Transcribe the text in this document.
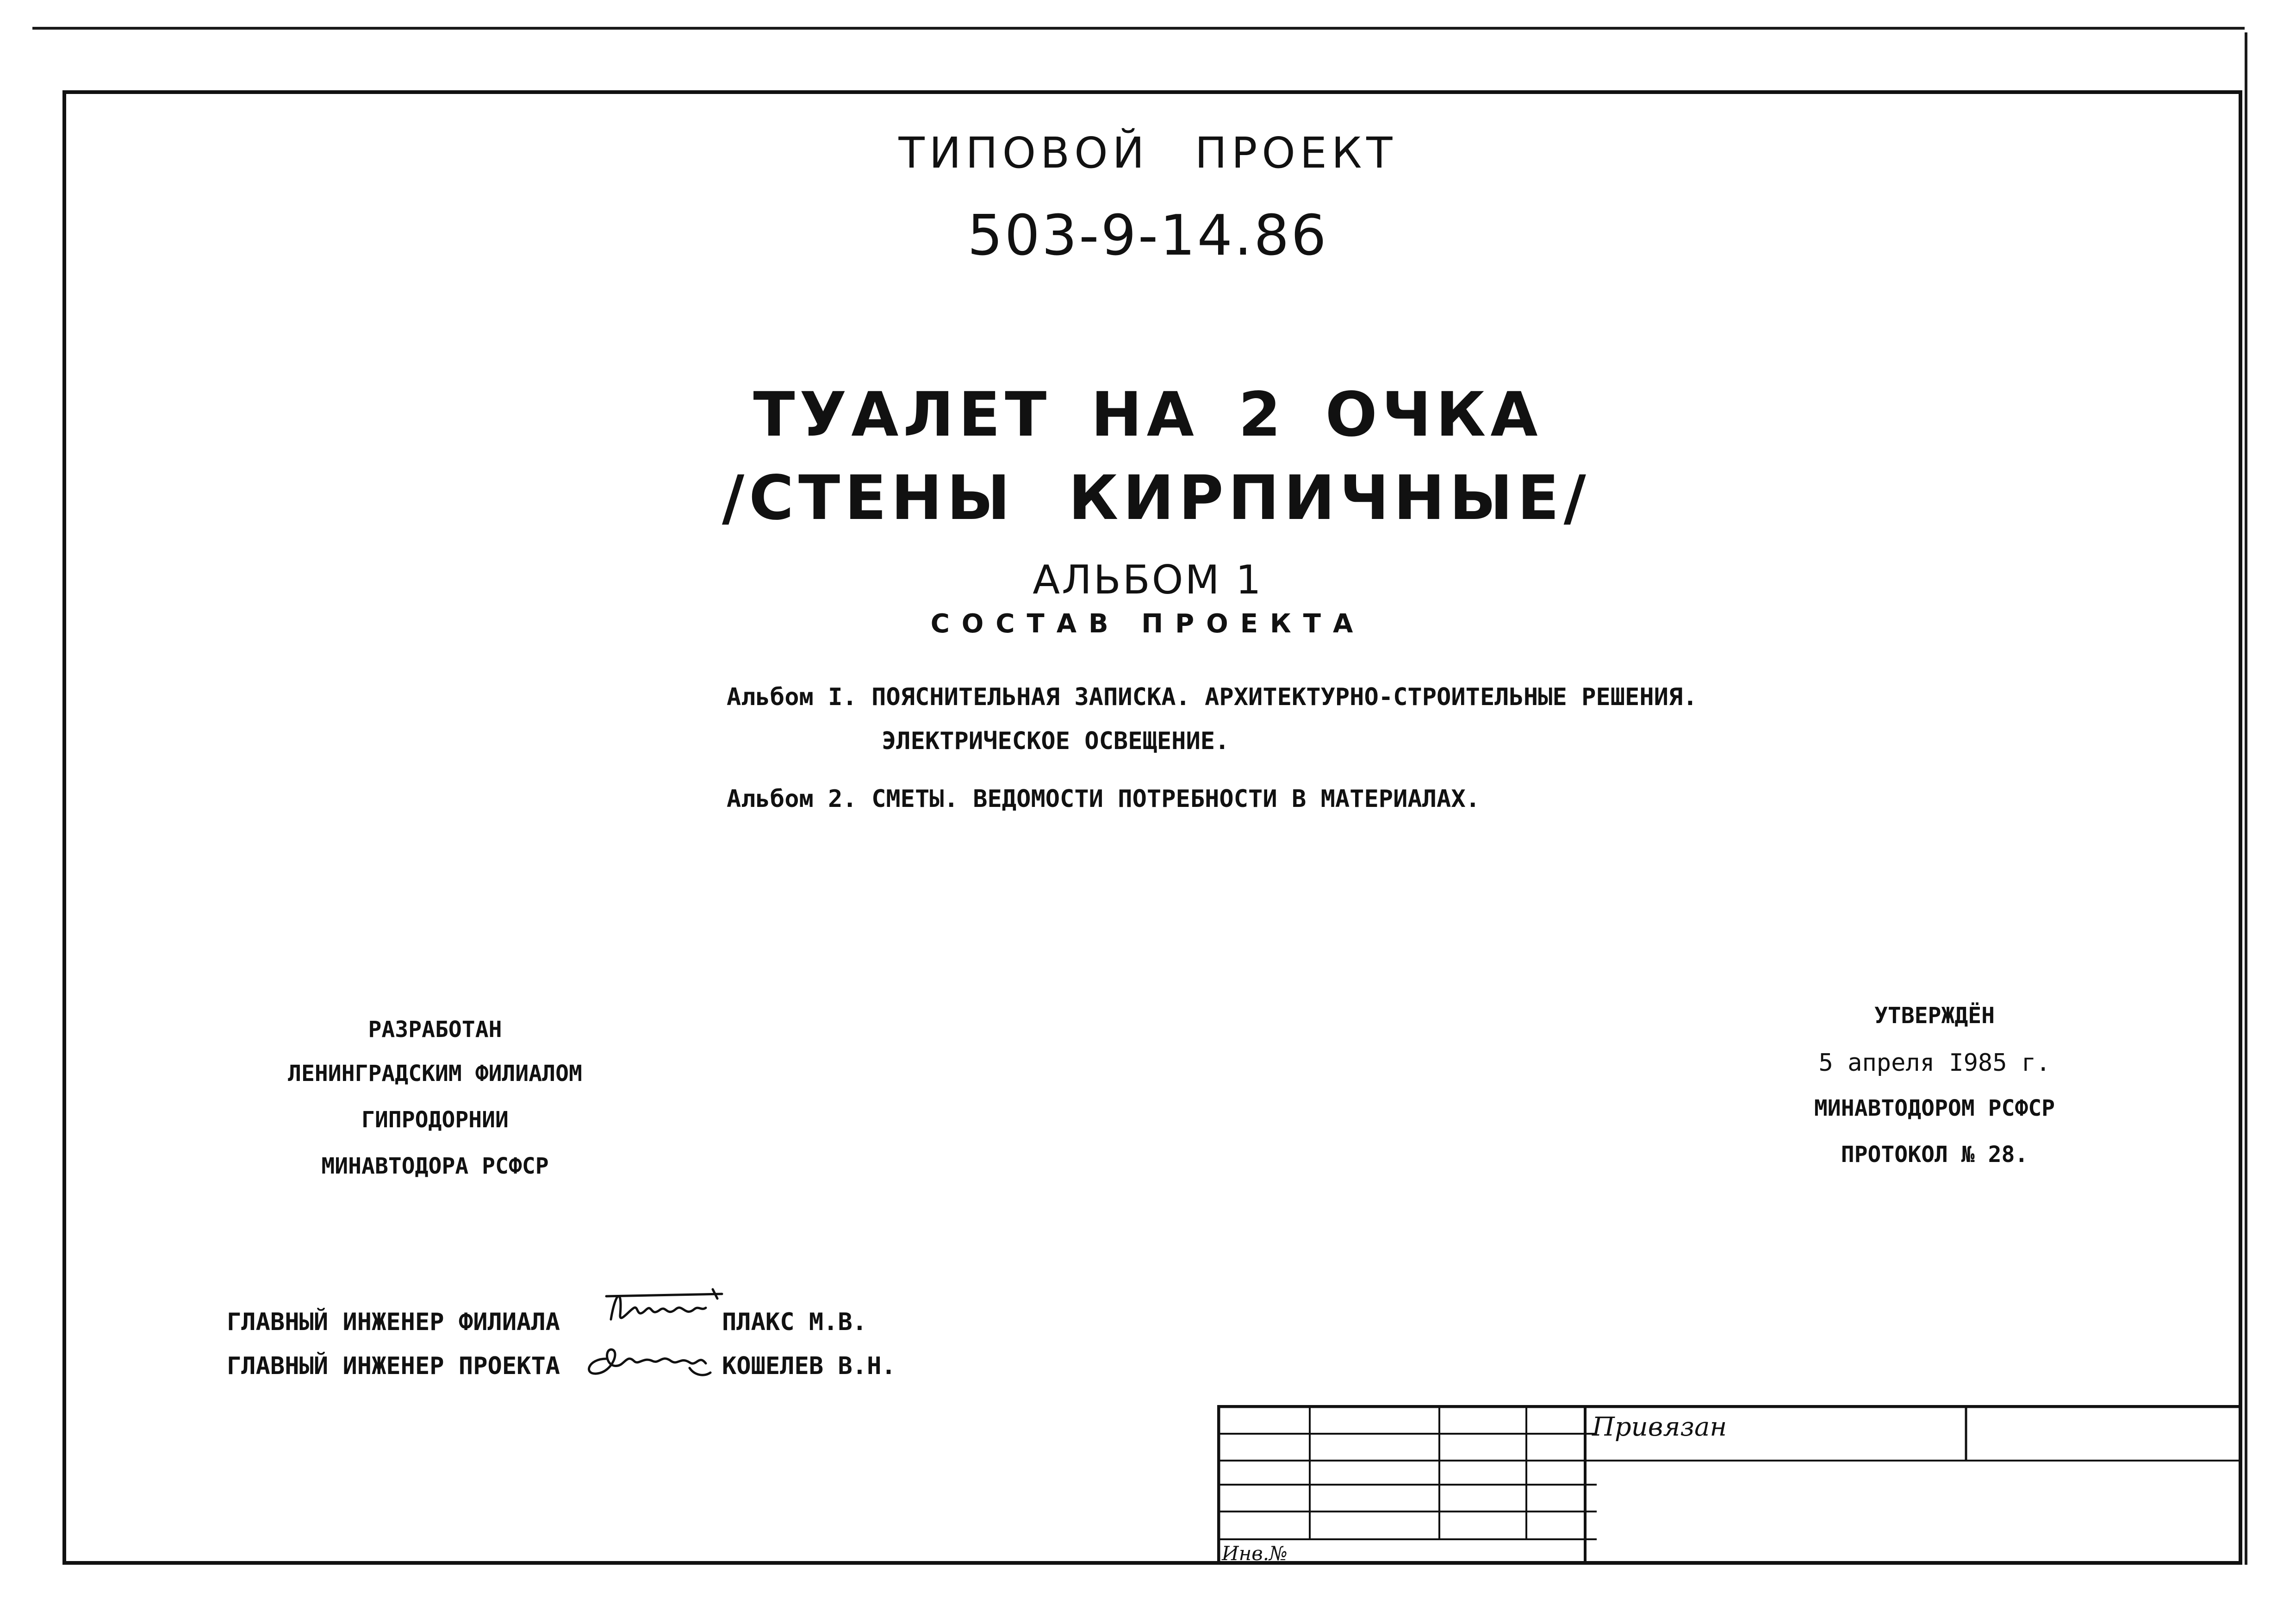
ТИПОВОЙ ПРОЕКТ
503-9-14.86
ТУАЛЕТ НА 2 ОЧКА
/СТЕНЫ КИРПИЧНЫЕ/
АЛЬБОМ 1
СОСТАВ ПРОЕКТА
Альбом I. ПОЯСНИТЕЛЬНАЯ ЗАПИСКА. АРХИТЕКТУРНО-СТРОИТЕЛЬНЫЕ РЕШЕНИЯ.
ЭЛЕКТРИЧЕСКОЕ ОСВЕЩЕНИЕ.
Альбом 2. СМЕТЫ. ВЕДОМОСТИ ПОТРЕБНОСТИ В МАТЕРИАЛАХ.
РАЗРАБОТАН
ЛЕНИНГРАДСКИМ ФИЛИАЛОМ
ГИПРОДОРНИИ
МИНАВТОДОРА РСФСР
УТВЕРЖДЁН
5 апреля I985 г.
МИНАВТОДОРОМ РСФСР
ПРОТОКОЛ № 28.
ГЛАВНЫЙ ИНЖЕНЕР ФИЛИАЛА	ПЛАКС М.В.
ГЛАВНЫЙ ИНЖЕНЕР ПРОЕКТА	КОШЕЛЕВ В.Н.
Привязан
Инв.№
